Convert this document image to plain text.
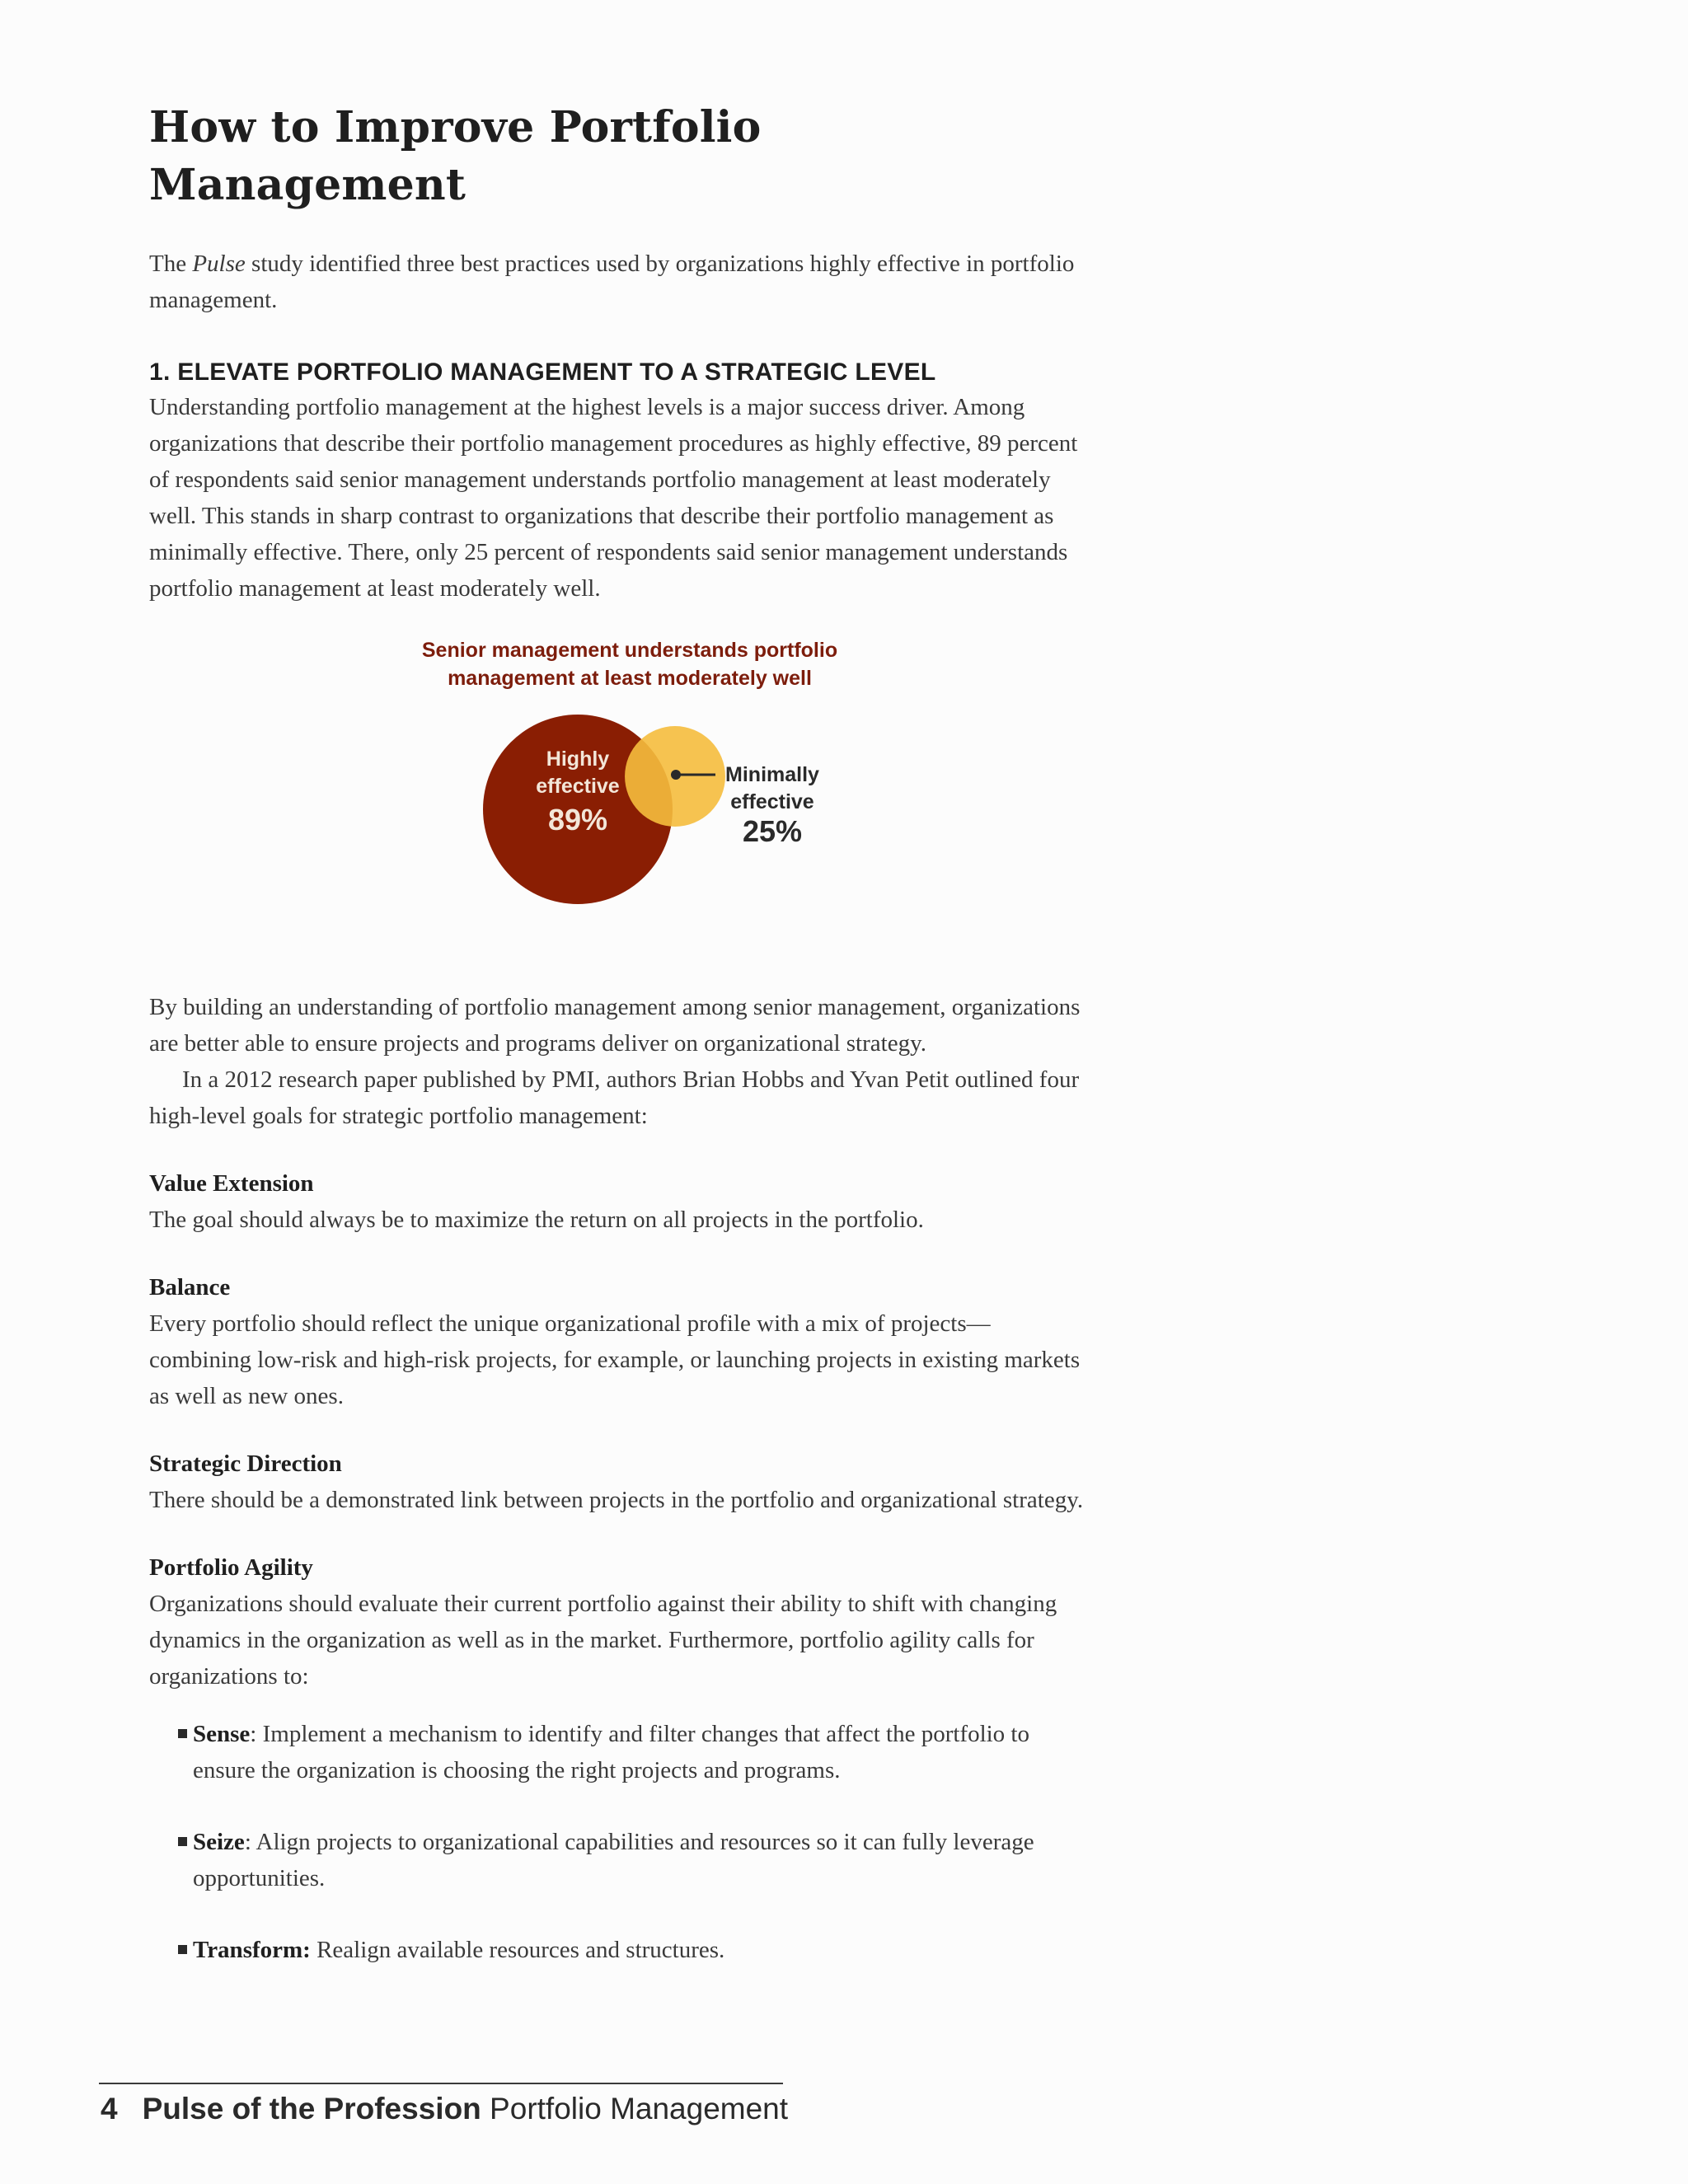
How to Improve Portfolio Management

The Pulse study identified three best practices used by organizations highly effective in portfolio management.

1. ELEVATE PORTFOLIO MANAGEMENT TO A STRATEGIC LEVEL

Understanding portfolio management at the highest levels is a major success driver. Among organizations that describe their portfolio management procedures as highly effective, 89 percent of respondents said senior management understands portfolio management at least moderately well. This stands in sharp contrast to organizations that describe their portfolio management as minimally effective. There, only 25 percent of respondents said senior management understands portfolio management at least moderately well.

Senior management understands portfolio
management at least moderately well
Highly
effective
89%
Minimally
effective
25%

By building an understanding of portfolio management among senior management, organizations are better able to ensure projects and programs deliver on organizational strategy.

In a 2012 research paper published by PMI, authors Brian Hobbs and Yvan Petit outlined four high-level goals for strategic portfolio management:

Value Extension

The goal should always be to maximize the return on all projects in the portfolio.

Balance

Every portfolio should reflect the unique organizational profile with a mix of projects—combining low-risk and high-risk projects, for example, or launching projects in existing markets as well as new ones.

Strategic Direction

There should be a demonstrated link between projects in the portfolio and organizational strategy.

Portfolio Agility

Organizations should evaluate their current portfolio against their ability to shift with changing dynamics in the organization as well as in the market. Furthermore, portfolio agility calls for organizations to:

Sense: Implement a mechanism to identify and filter changes that affect the portfolio to ensure the organization is choosing the right projects and programs.
Seize: Align projects to organizational capabilities and resources so it can fully leverage opportunities.
Transform: Realign available resources and structures.
4 Pulse of the Profession Portfolio Management
